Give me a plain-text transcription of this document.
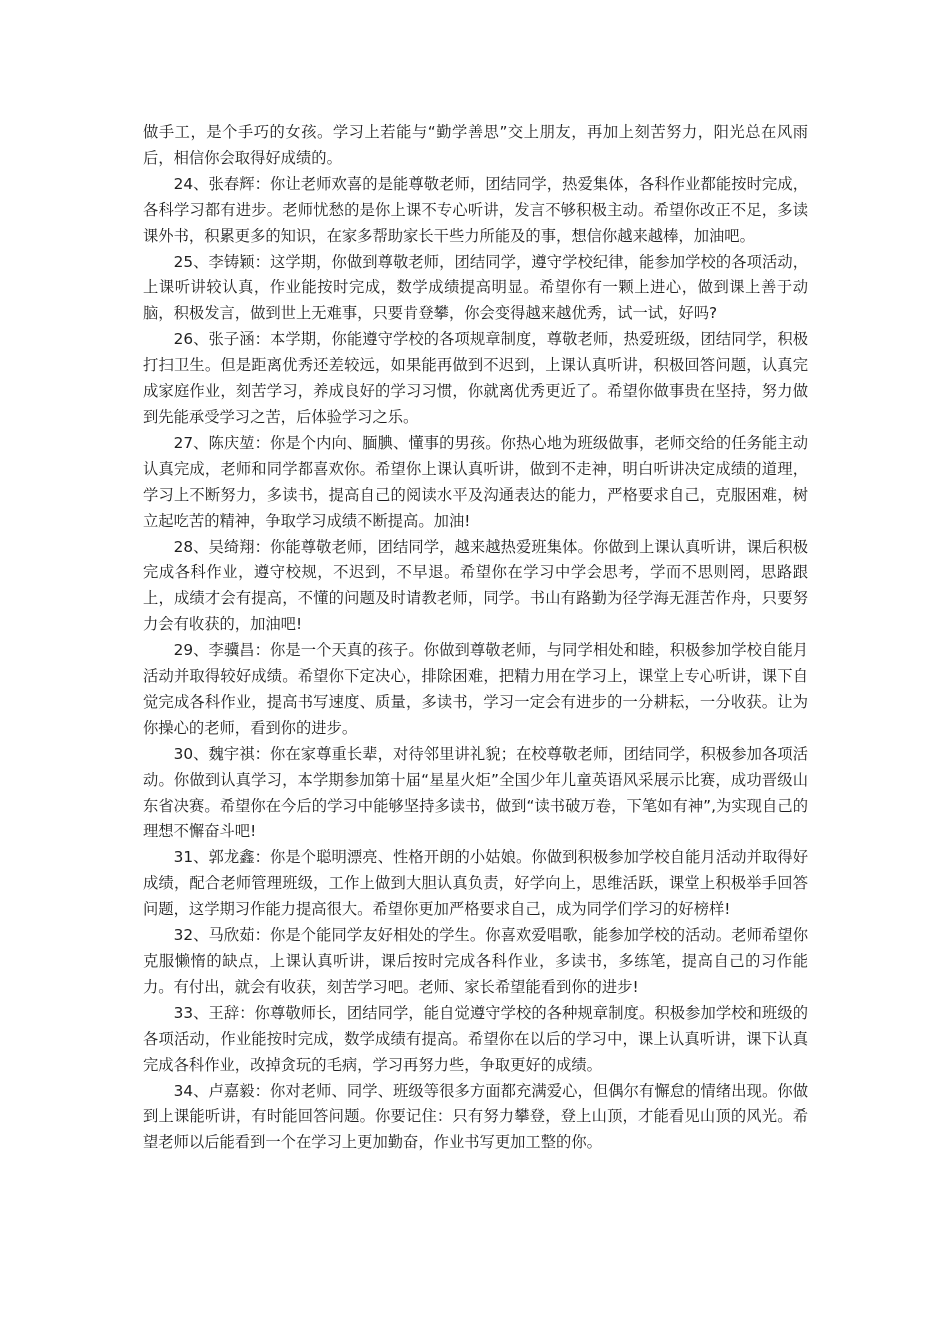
做手工，是个手巧的女孩。学习上若能与“勤学善思”交上朋友，再加上刻苦努力，阳光总在风雨后，相信你会取得好成绩的。

24、张春辉：你让老师欢喜的是能尊敬老师，团结同学，热爱集体，各科作业都能按时完成，各科学习都有进步。老师忧愁的是你上课不专心听讲，发言不够积极主动。希望你改正不足，多读课外书，积累更多的知识，在家多帮助家长干些力所能及的事，想信你越来越棒，加油吧。

25、李铸颖：这学期，你做到尊敬老师，团结同学，遵守学校纪律，能参加学校的各项活动，上课听讲较认真，作业能按时完成，数学成绩提高明显。希望你有一颗上进心，做到课上善于动脑，积极发言，做到世上无难事，只要肯登攀，你会变得越来越优秀，试一试，好吗?

26、张子涵：本学期，你能遵守学校的各项规章制度，尊敬老师，热爱班级，团结同学，积极打扫卫生。但是距离优秀还差较远，如果能再做到不迟到，上课认真听讲，积极回答问题，认真完成家庭作业，刻苦学习，养成良好的学习习惯，你就离优秀更近了。希望你做事贵在坚持，努力做到先能承受学习之苦，后体验学习之乐。

27、陈庆堃：你是个内向、腼腆、懂事的男孩。你热心地为班级做事，老师交给的任务能主动认真完成，老师和同学都喜欢你。希望你上课认真听讲，做到不走神，明白听讲决定成绩的道理，学习上不断努力，多读书，提高自己的阅读水平及沟通表达的能力，严格要求自己，克服困难，树立起吃苦的精神，争取学习成绩不断提高。加油!

28、吴绮翔：你能尊敬老师，团结同学，越来越热爱班集体。你做到上课认真听讲，课后积极完成各科作业，遵守校规，不迟到，不早退。希望你在学习中学会思考，学而不思则罔，思路跟上，成绩才会有提高，不懂的问题及时请教老师，同学。书山有路勤为径学海无涯苦作舟，只要努力会有收获的，加油吧!

29、李骥昌：你是一个天真的孩子。你做到尊敬老师，与同学相处和睦，积极参加学校自能月活动并取得较好成绩。希望你下定决心，排除困难，把精力用在学习上，课堂上专心听讲，课下自觉完成各科作业，提高书写速度、质量，多读书，学习一定会有进步的一分耕耘，一分收获。让为你操心的老师，看到你的进步。

30、魏宇祺：你在家尊重长辈，对待邻里讲礼貌；在校尊敬老师，团结同学，积极参加各项活动。你做到认真学习，本学期参加第十届“星星火炬”全国少年儿童英语风采展示比赛，成功晋级山东省决赛。希望你在今后的学习中能够坚持多读书，做到“读书破万卷，下笔如有神”,为实现自己的理想不懈奋斗吧!

31、郭龙鑫：你是个聪明漂亮、性格开朗的小姑娘。你做到积极参加学校自能月活动并取得好成绩，配合老师管理班级，工作上做到大胆认真负责，好学向上，思维活跃，课堂上积极举手回答问题，这学期习作能力提高很大。希望你更加严格要求自己，成为同学们学习的好榜样!

32、马欣茹：你是个能同学友好相处的学生。你喜欢爱唱歌，能参加学校的活动。老师希望你克服懒惰的缺点，上课认真听讲，课后按时完成各科作业，多读书，多练笔，提高自己的习作能力。有付出，就会有收获，刻苦学习吧。老师、家长希望能看到你的进步!

33、王辞：你尊敬师长，团结同学，能自觉遵守学校的各种规章制度。积极参加学校和班级的各项活动，作业能按时完成，数学成绩有提高。希望你在以后的学习中，课上认真听讲，课下认真完成各科作业，改掉贪玩的毛病，学习再努力些，争取更好的成绩。

34、卢嘉毅：你对老师、同学、班级等很多方面都充满爱心，但偶尔有懈怠的情绪出现。你做到上课能听讲，有时能回答问题。你要记住：只有努力攀登，登上山顶，才能看见山顶的风光。希望老师以后能看到一个在学习上更加勤奋，作业书写更加工整的你。
